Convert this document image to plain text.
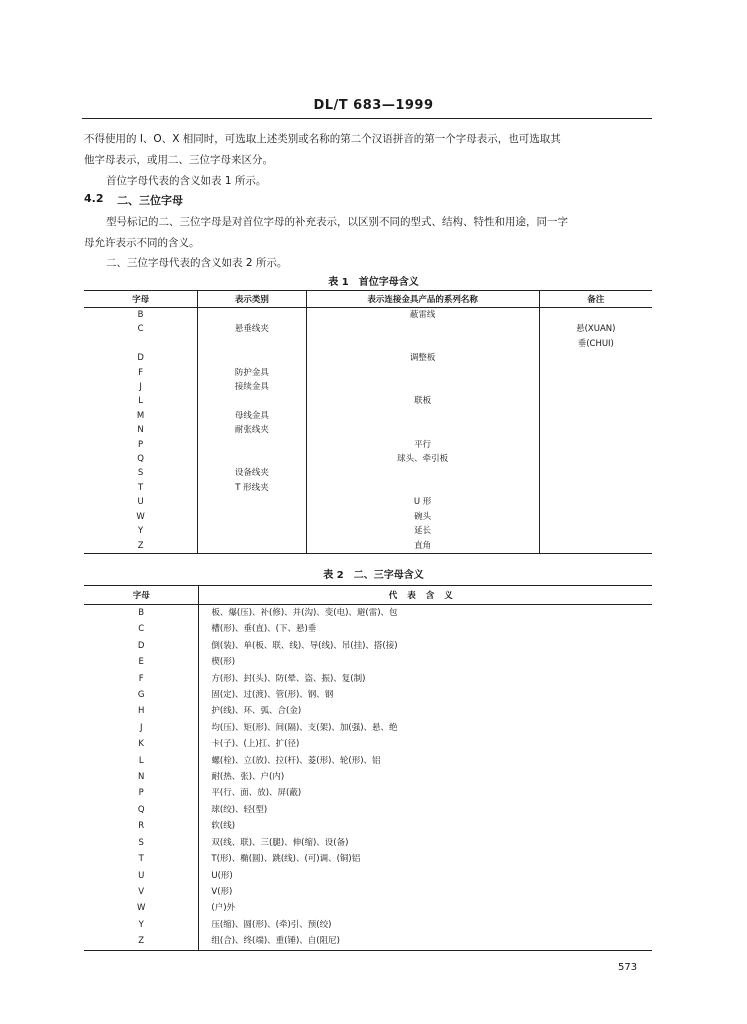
DL/T 683—1999
不得使用的 I、O、X 相同时，可选取上述类别或名称的第二个汉语拼音的第一个字母表示，也可选取其
他字母表示，或用二、三位字母来区分。
首位字母代表的含义如表 1 所示。
4.2 二、三位字母
型号标记的二、三位字母是对首位字母的补充表示，以区别不同的型式、结构、特性和用途，同一字
母允许表示不同的含义。
二、三位字母代表的含义如表 2 所示。
表 1　首位字母含义
字母	表示类别	表示连接金具产品的系列名称	备注
B		蔽雷线	
C	悬垂线夹		悬(XUAN)
			垂(CHUI)
D		调整板	
F	防护金具		
J	接续金具		
L		联板	
M	母线金具		
N	耐张线夹		
P		平行	
Q		球头、牵引板	
S	设备线夹		
T	T 形线夹		
U		U 形	
W		碗头	
Y		延长	
Z		直角	
表 2　二、三字母含义
字母	代表含义
B	板、爆(压)、补(修)、并(沟)、变(电)、避(雷)、包
C	槽(形)、垂(直)、(下、悬)垂
D	倒(装)、单(板、联、线)、导(线)、吊(挂)、搭(接)
E	楔(形)
F	方(形)、封(头)、防(晕、盗、振)、复(制)
G	固(定)、过(渡)、管(形)、钢、钢
H	护(线)、环、弧、合(金)
J	均(压)、矩(形)、间(隔)、支(架)、加(强)、悬、绝
K	卡(子)、(上)扛、扩(径)
L	螺(栓)、立(放)、拉(杆)、菱(形)、轮(形)、铝
N	耐(热、张)、户(内)
P	平(行、面、放)、屏(蔽)
Q	球(绞)、轻(型)
R	软(线)
S	双(线、联)、三(腿)、伸(缩)、设(备)
T	T(形)、椭(圆)、跳(线)、(可)调、(铜)铝
U	U(形)
V	V(形)
W	(户)外
Y	压(缩)、圆(形)、(牵)引、预(绞)
Z	组(合)、终(端)、重(锤)、自(阻尼)
573
